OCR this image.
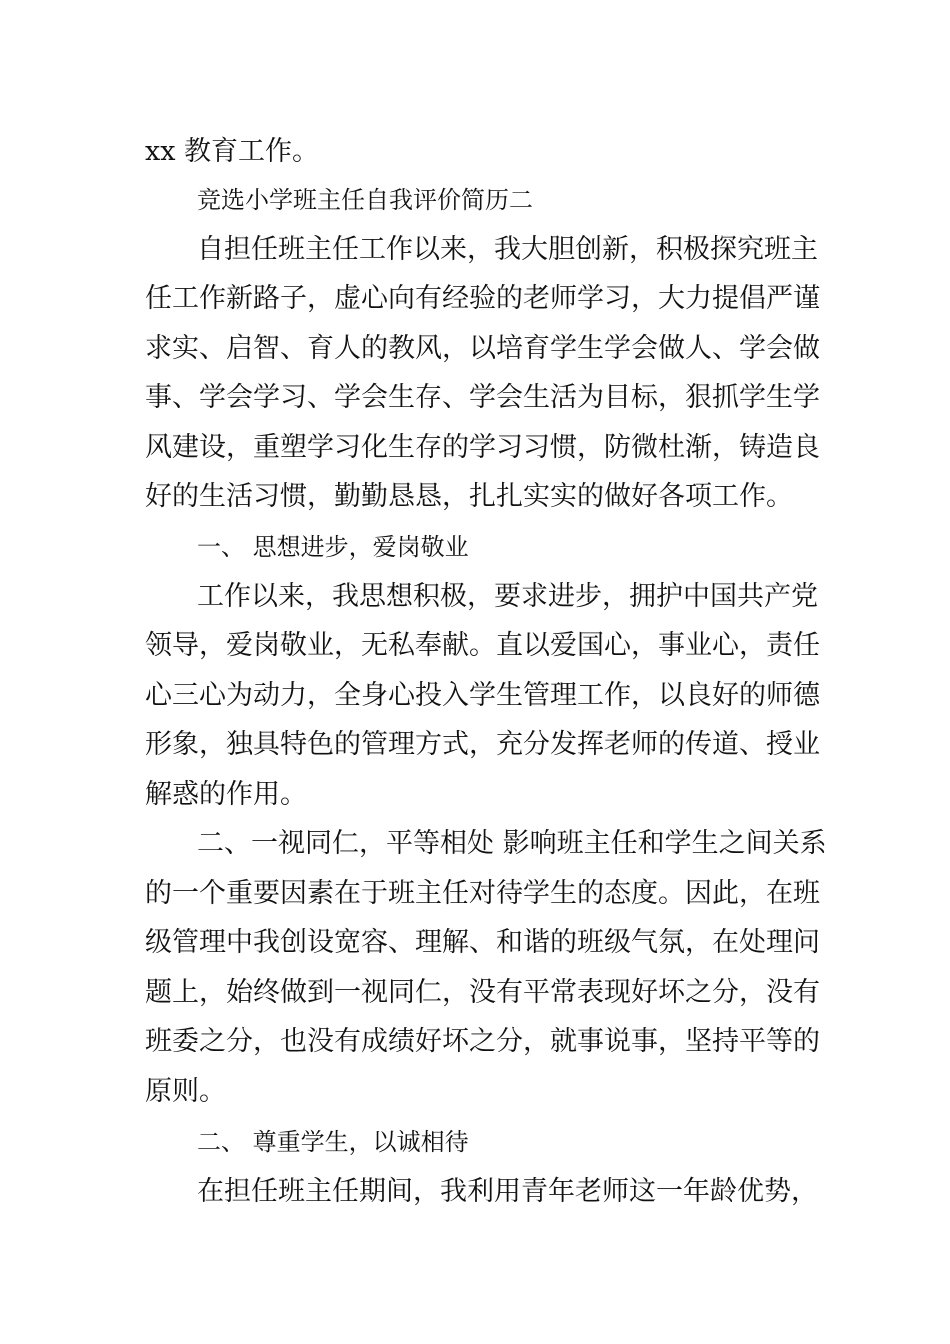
xx 教育工作。
竞选小学班主任自我评价简历二
自担任班主任工作以来，我大胆创新，积极探究班主
任工作新路子，虚心向有经验的老师学习，大力提倡严谨
求实、启智、育人的教风，以培育学生学会做人、学会做
事、学会学习、学会生存、学会生活为目标，狠抓学生学
风建设，重塑学习化生存的学习习惯，防微杜渐，铸造良
好的生活习惯，勤勤恳恳，扎扎实实的做好各项工作。
一、 思想进步，爱岗敬业
工作以来，我思想积极，要求进步，拥护中国共产党
领导，爱岗敬业，无私奉献。直以爱国心，事业心，责任
心三心为动力，全身心投入学生管理工作，以良好的师德
形象，独具特色的管理方式，充分发挥老师的传道、授业
解惑的作用。
二、一视同仁，平等相处 影响班主任和学生之间关系
的一个重要因素在于班主任对待学生的态度。因此，在班
级管理中我创设宽容、理解、和谐的班级气氛，在处理问
题上，始终做到一视同仁，没有平常表现好坏之分，没有
班委之分，也没有成绩好坏之分，就事说事，坚持平等的
原则。
二、 尊重学生，以诚相待
在担任班主任期间，我利用青年老师这一年龄优势，
